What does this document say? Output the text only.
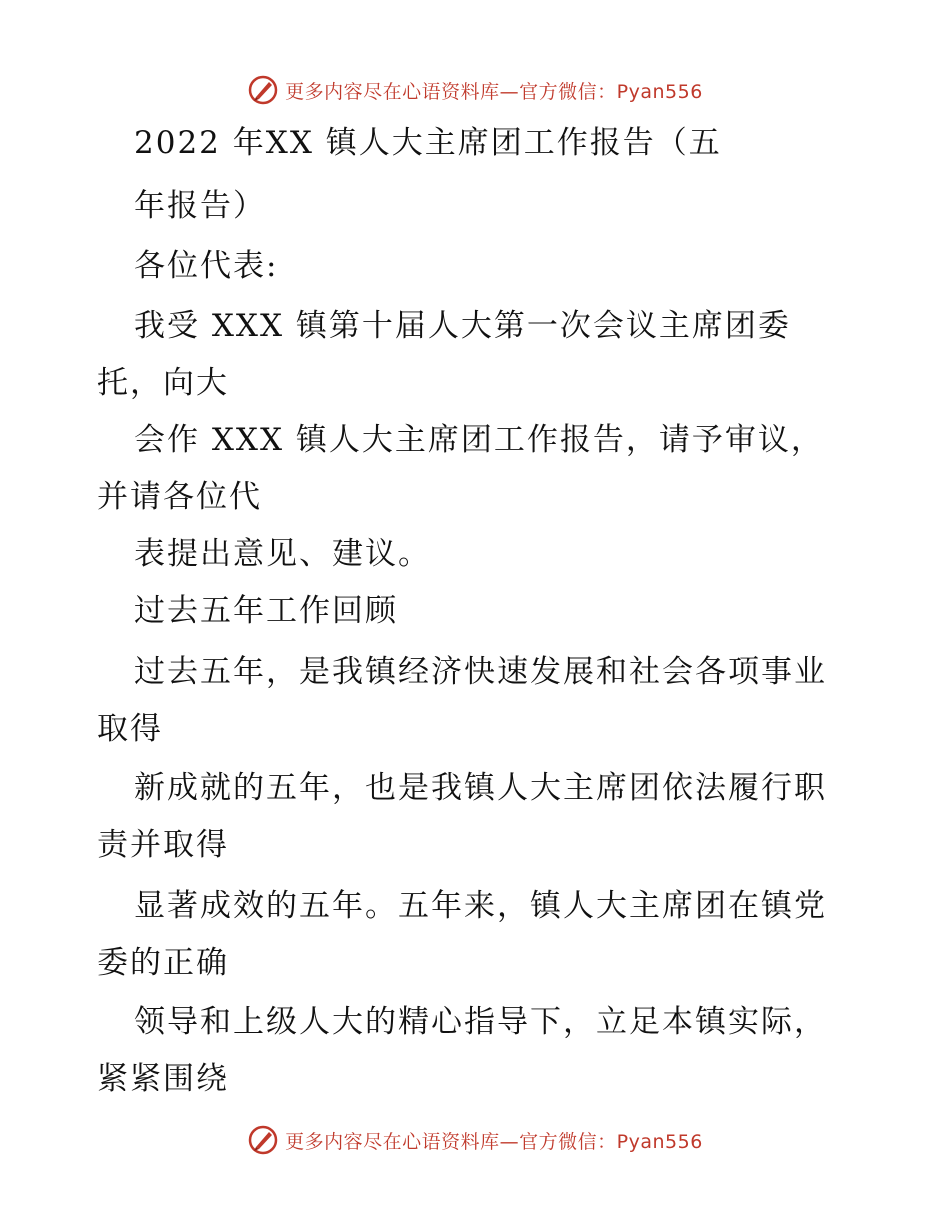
更多内容尽在心语资料库—官方微信：Pyan556
2022 年XX 镇人大主席团工作报告（五
年报告）
各位代表:
我受 XXX 镇第十届人大第一次会议主席团委
托，向大
会作 XXX 镇人大主席团工作报告，请予审议，
并请各位代
表提出意见、建议。
过去五年工作回顾
过去五年，是我镇经济快速发展和社会各项事业
取得
新成就的五年，也是我镇人大主席团依法履行职
责并取得
显著成效的五年。五年来，镇人大主席团在镇党
委的正确
领导和上级人大的精心指导下，立足本镇实际，
紧紧围绕
更多内容尽在心语资料库—官方微信：Pyan556
